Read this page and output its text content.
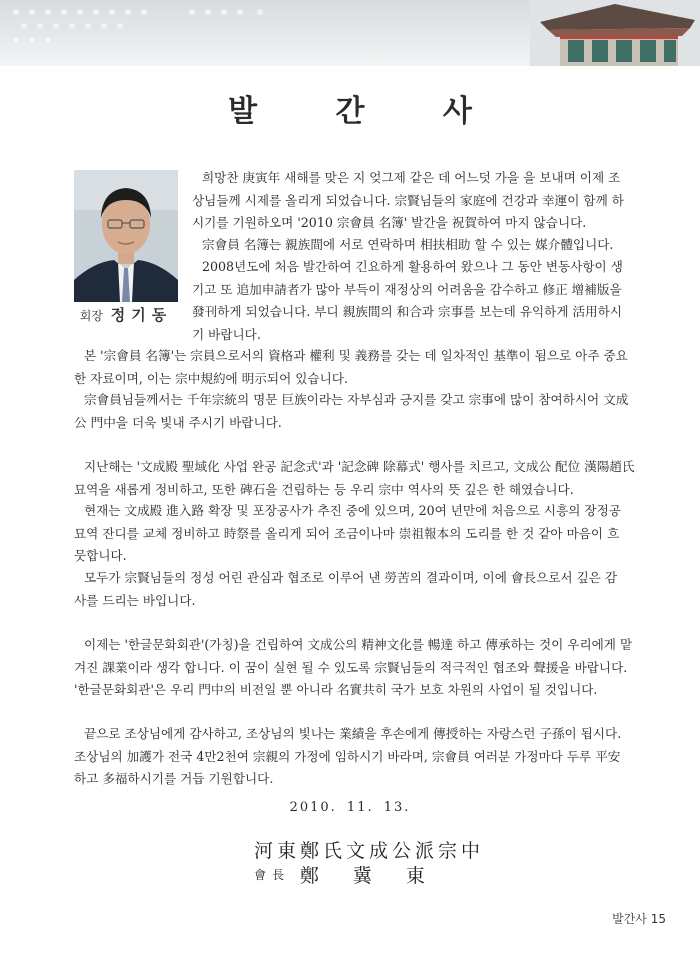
발 간 사
회장 정기동
희망찬 庚寅年 새해를 맞은 지 엊그제 같은 데 어느덧 가을 을 보내며 이제 조
상님들께 시제를 올리게 되었습니다. 宗賢님들의 家庭에 건강과 幸運이 함께 하
시기를 기원하오며 '2010 宗會員 名簿' 발간을 祝賀하여 마지 않습니다.
宗會員 名簿는 親族間에 서로 연락하며 相扶相助 할 수 있는 媒介體입니다.
2008년도에 처음 발간하여 긴요하게 활용하여 왔으나 그 동안 변동사항이 생
기고 또 追加申請者가 많아 부득이 재정상의 어려움을 감수하고 修正 增補版을
發刊하게 되었습니다. 부디 親族間의 和合과 宗事를 보는데 유익하게 活用하시
기 바랍니다.
본 '宗會員 名簿'는 宗員으로서의 資格과 權利 및 義務를 갖는 데 일차적인 基準이 됨으로 아주 중요
한 자료이며, 이는 宗中規約에 明示되어 있습니다.
宗會員님들께서는 千年宗統의 명문 巨族이라는 자부심과 긍지를 갖고 宗事에 많이 참여하시어 文成
公 門中을 더욱 빛내 주시기 바랍니다.
지난해는 '文成殿 聖域化 사업 완공 記念式'과 '記念碑 除幕式' 행사를 치르고, 文成公 配位 漢陽趙氏
묘역을 새롭게 정비하고, 또한 碑石을 건립하는 등 우리 宗中 역사의 뜻 깊은 한 해였습니다.
현재는 文成殿 進入路 확장 및 포장공사가 추진 중에 있으며, 20여 년만에 처음으로 시흥의 장정공
묘역 잔디를 교체 정비하고 時祭를 올리게 되어 조금이나마 崇祖報本의 도리를 한 것 같아 마음이 흐
뭇합니다.
모두가 宗賢님들의 정성 어린 관심과 협조로 이루어 낸 勞苦의 결과이며, 이에 會長으로서 깊은 감
사를 드리는 바입니다.
이제는 '한글문화회관'(가칭)을 건립하여 文成公의 精神文化를 暢達 하고 傳承하는 것이 우리에게 맡
겨진 課業이라 생각 합니다. 이 꿈이 실현 될 수 있도록 宗賢님들의 적극적인 협조와 聲援을 바랍니다.
'한글문화회관'은 우리 門中의 비전일 뿐 아니라 名實共히 국가 보호 차원의 사업이 될 것입니다.
끝으로 조상님에게 감사하고, 조상님의 빛나는 業績을 후손에게 傳授하는 자랑스런 子孫이 됩시다.
조상님의 加護가 전국 4만2천여 宗親의 가정에 임하시기 바라며, 宗會員 여러분 가정마다 두루 平安
하고 多福하시기를 거듭 기원합니다.
2010. 11. 13.
河東鄭氏文成公派宗中
會長 鄭冀東
발간사 15
